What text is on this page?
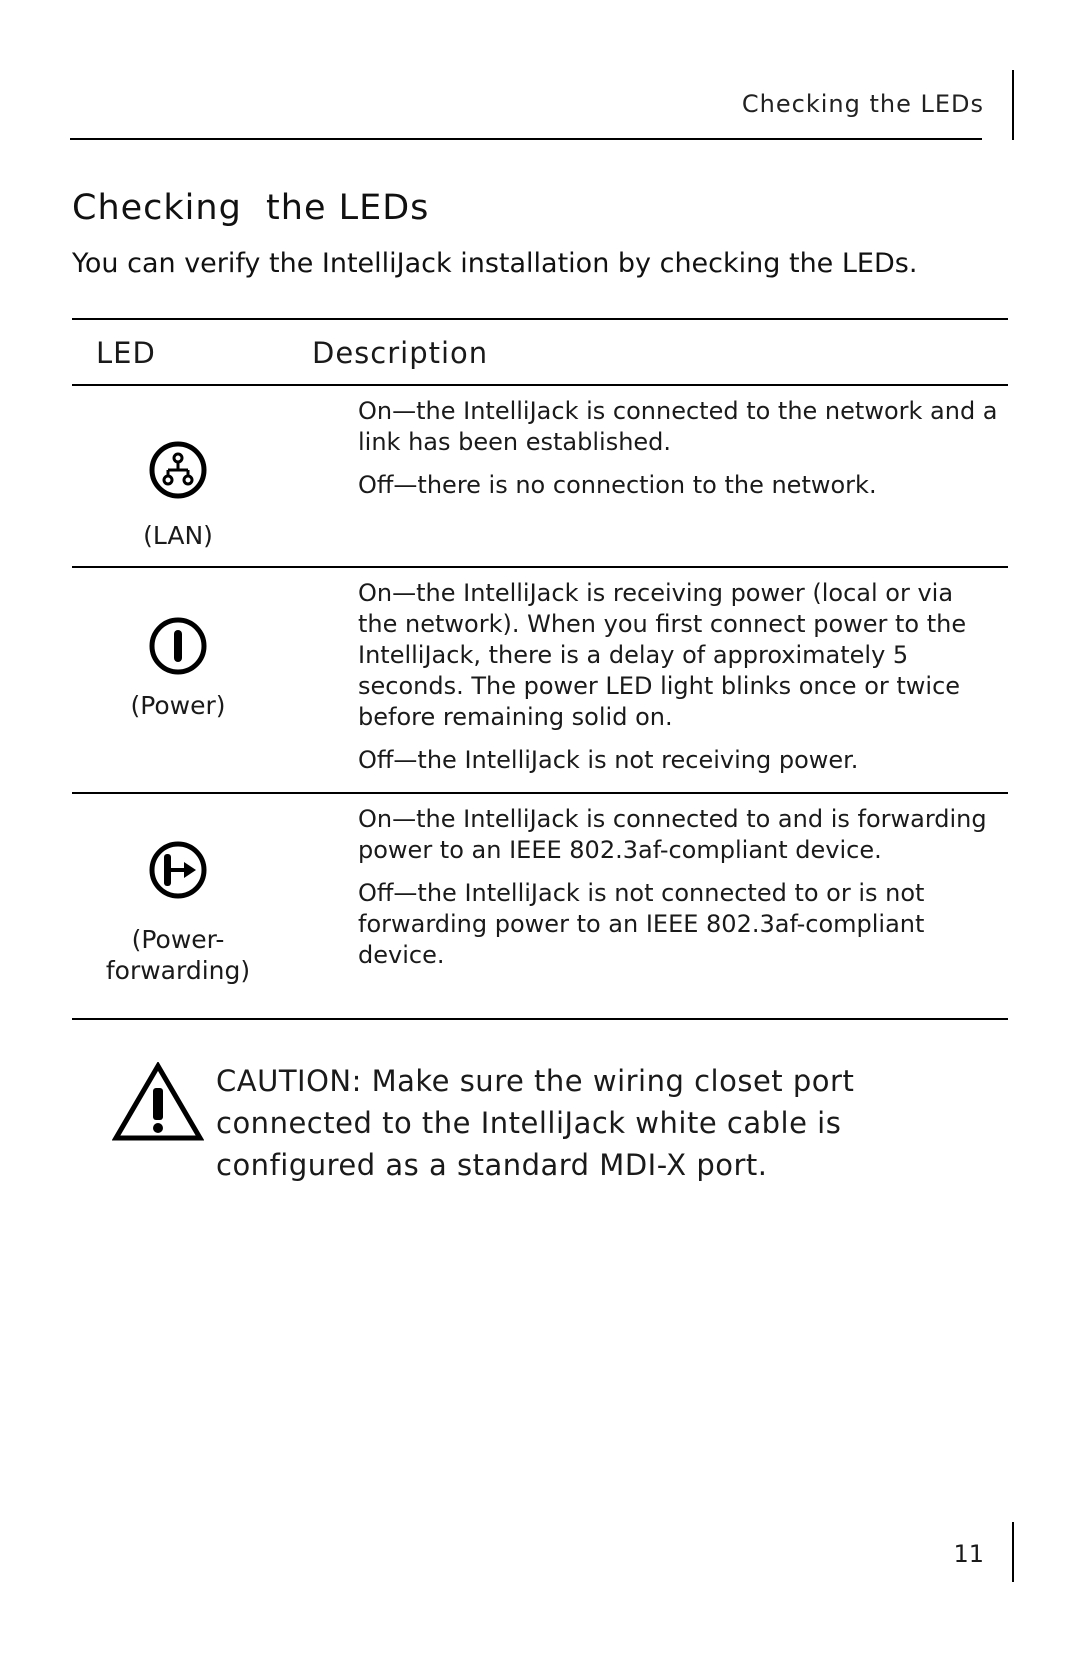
Checking the LEDs
Checking  the LEDs
You can verify the IntelliJack installation by checking the LEDs.
LED	Description
(LAN)

On—the IntelliJack is connected to the network and a link has been established.

Off—there is no connection to the network.

(Power)

On—the IntelliJack is receiving power (local or via the network). When you first connect power to the IntelliJack, there is a delay of approximately 5 seconds. The power LED light blinks once or twice before remaining solid on.

Off—the IntelliJack is not receiving power.

(Power-
forwarding)

On—the IntelliJack is connected to and is forwarding power to an IEEE 802.3af-compliant device.

Off—the IntelliJack is not connected to or is not forwarding power to an IEEE 802.3af-compliant device.

CAUTION: Make sure the wiring closet port connected to the IntelliJack white cable is configured as a standard MDI-X port.
11
